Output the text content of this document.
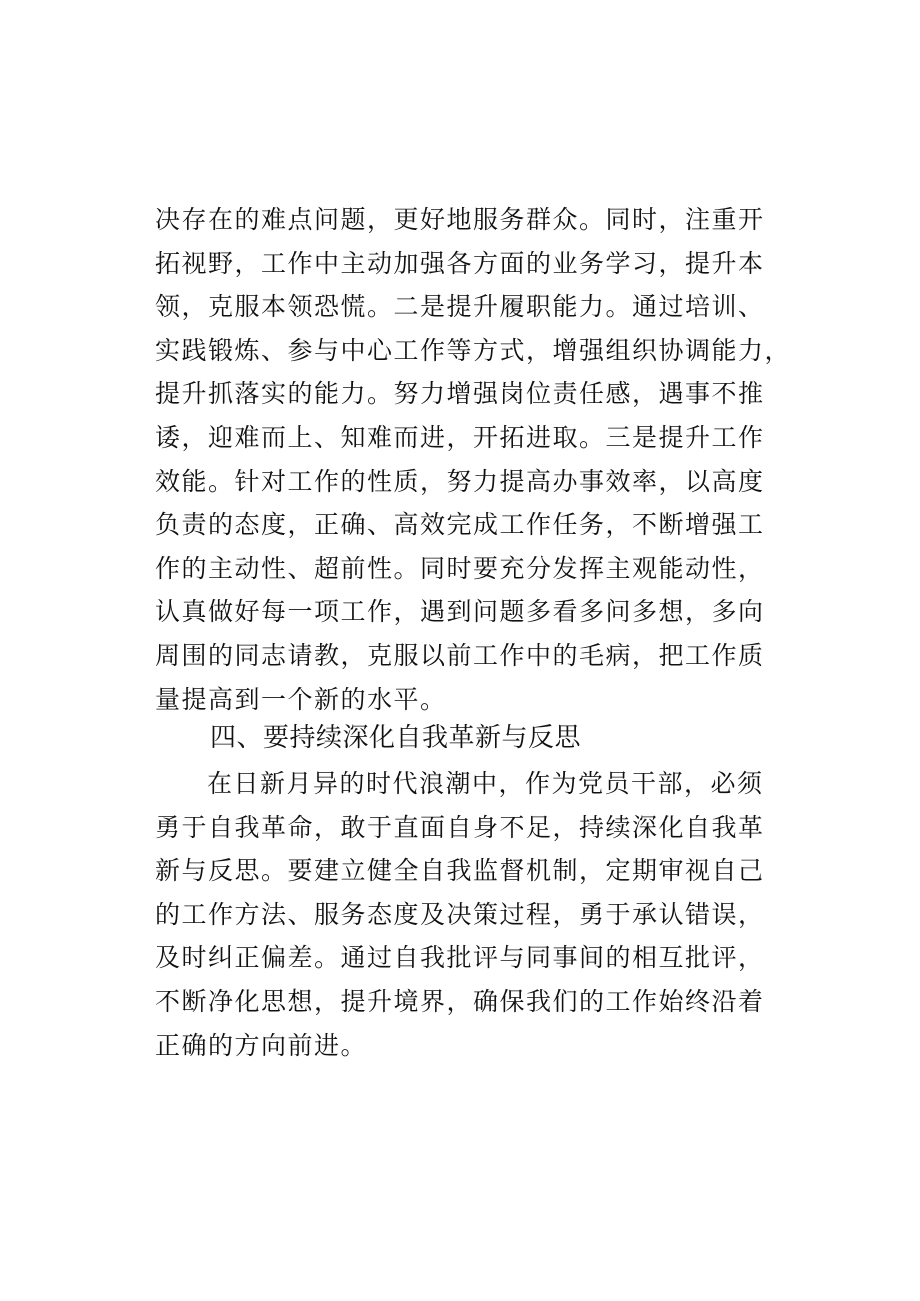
决存在的难点问题，更好地服务群众。同时，注重开
拓视野，工作中主动加强各方面的业务学习，提升本
领，克服本领恐慌。二是提升履职能力。通过培训、
实践锻炼、参与中心工作等方式，增强组织协调能力，
提升抓落实的能力。努力增强岗位责任感，遇事不推
诿，迎难而上、知难而进，开拓进取。三是提升工作
效能。针对工作的性质，努力提高办事效率，以高度
负责的态度，正确、高效完成工作任务，不断增强工
作的主动性、超前性。同时要充分发挥主观能动性，
认真做好每一项工作，遇到问题多看多问多想，多向
周围的同志请教，克服以前工作中的毛病，把工作质
量提高到一个新的水平。
四、要持续深化自我革新与反思
在日新月异的时代浪潮中，作为党员干部，必须
勇于自我革命，敢于直面自身不足，持续深化自我革
新与反思。要建立健全自我监督机制，定期审视自己
的工作方法、服务态度及决策过程，勇于承认错误，
及时纠正偏差。通过自我批评与同事间的相互批评，
不断净化思想，提升境界，确保我们的工作始终沿着
正确的方向前进。
